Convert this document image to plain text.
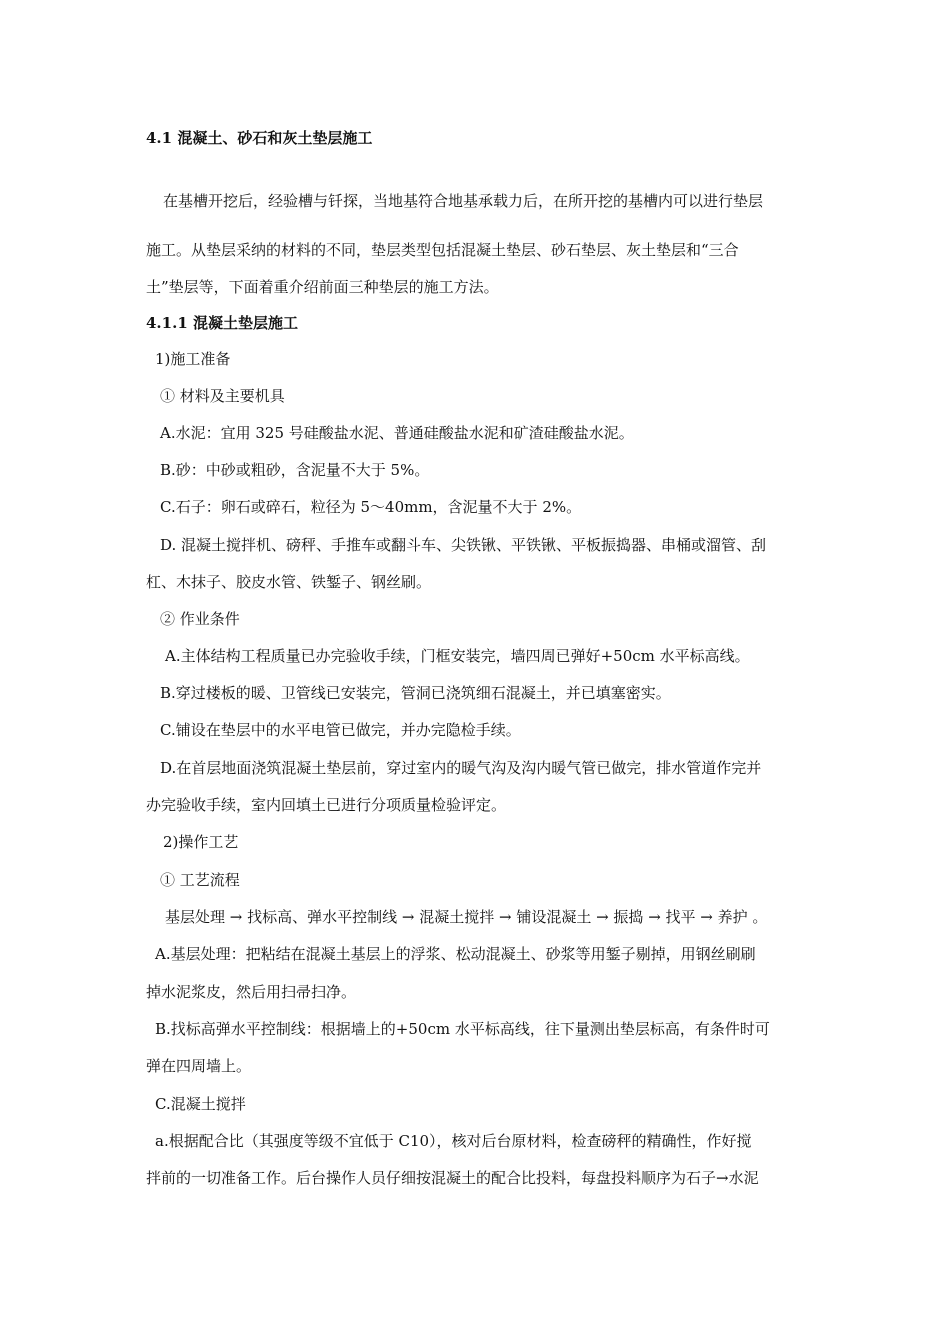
4.1 混凝土、砂石和灰土垫层施工
在基槽开挖后，经验槽与钎探，当地基符合地基承载力后，在所开挖的基槽内可以进行垫层
施工。从垫层采纳的材料的不同，垫层类型包括混凝土垫层、砂石垫层、灰土垫层和“三合
土”垫层等，下面着重介绍前面三种垫层的施工方法。
4.1.1 混凝土垫层施工
1)施工准备
① 材料及主要机具
A.水泥：宜用 325 号硅酸盐水泥、普通硅酸盐水泥和矿渣硅酸盐水泥。
B.砂：中砂或粗砂，含泥量不大于 5%。
C.石子：卵石或碎石，粒径为 5～40mm，含泥量不大于 2%。
D. 混凝土搅拌机、磅秤、手推车或翻斗车、尖铁锹、平铁锹、平板振捣器、串桶或溜管、刮
杠、木抹子、胶皮水管、铁錾子、钢丝刷。
② 作业条件
A.主体结构工程质量已办完验收手续，门框安装完，墙四周已弹好+50cm 水平标高线。
B.穿过楼板的暖、卫管线已安装完，管洞已浇筑细石混凝土，并已填塞密实。
C.铺设在垫层中的水平电管已做完，并办完隐检手续。
D.在首层地面浇筑混凝土垫层前，穿过室内的暖气沟及沟内暖气管已做完，排水管道作完并
办完验收手续，室内回填土已进行分项质量检验评定。
2)操作工艺
① 工艺流程
基层处理 → 找标高、弹水平控制线 → 混凝土搅拌 → 铺设混凝土 → 振捣 → 找平 → 养护 。
A.基层处理：把粘结在混凝土基层上的浮浆、松动混凝土、砂浆等用錾子剔掉，用钢丝刷刷
掉水泥浆皮，然后用扫帚扫净。
B.找标高弹水平控制线：根据墙上的+50cm 水平标高线，往下量测出垫层标高，有条件时可
弹在四周墙上。
C.混凝土搅拌
a.根据配合比（其强度等级不宜低于 C10），核对后台原材料，检查磅秤的精确性，作好搅
拌前的一切准备工作。后台操作人员仔细按混凝土的配合比投料，每盘投料顺序为石子→水泥
